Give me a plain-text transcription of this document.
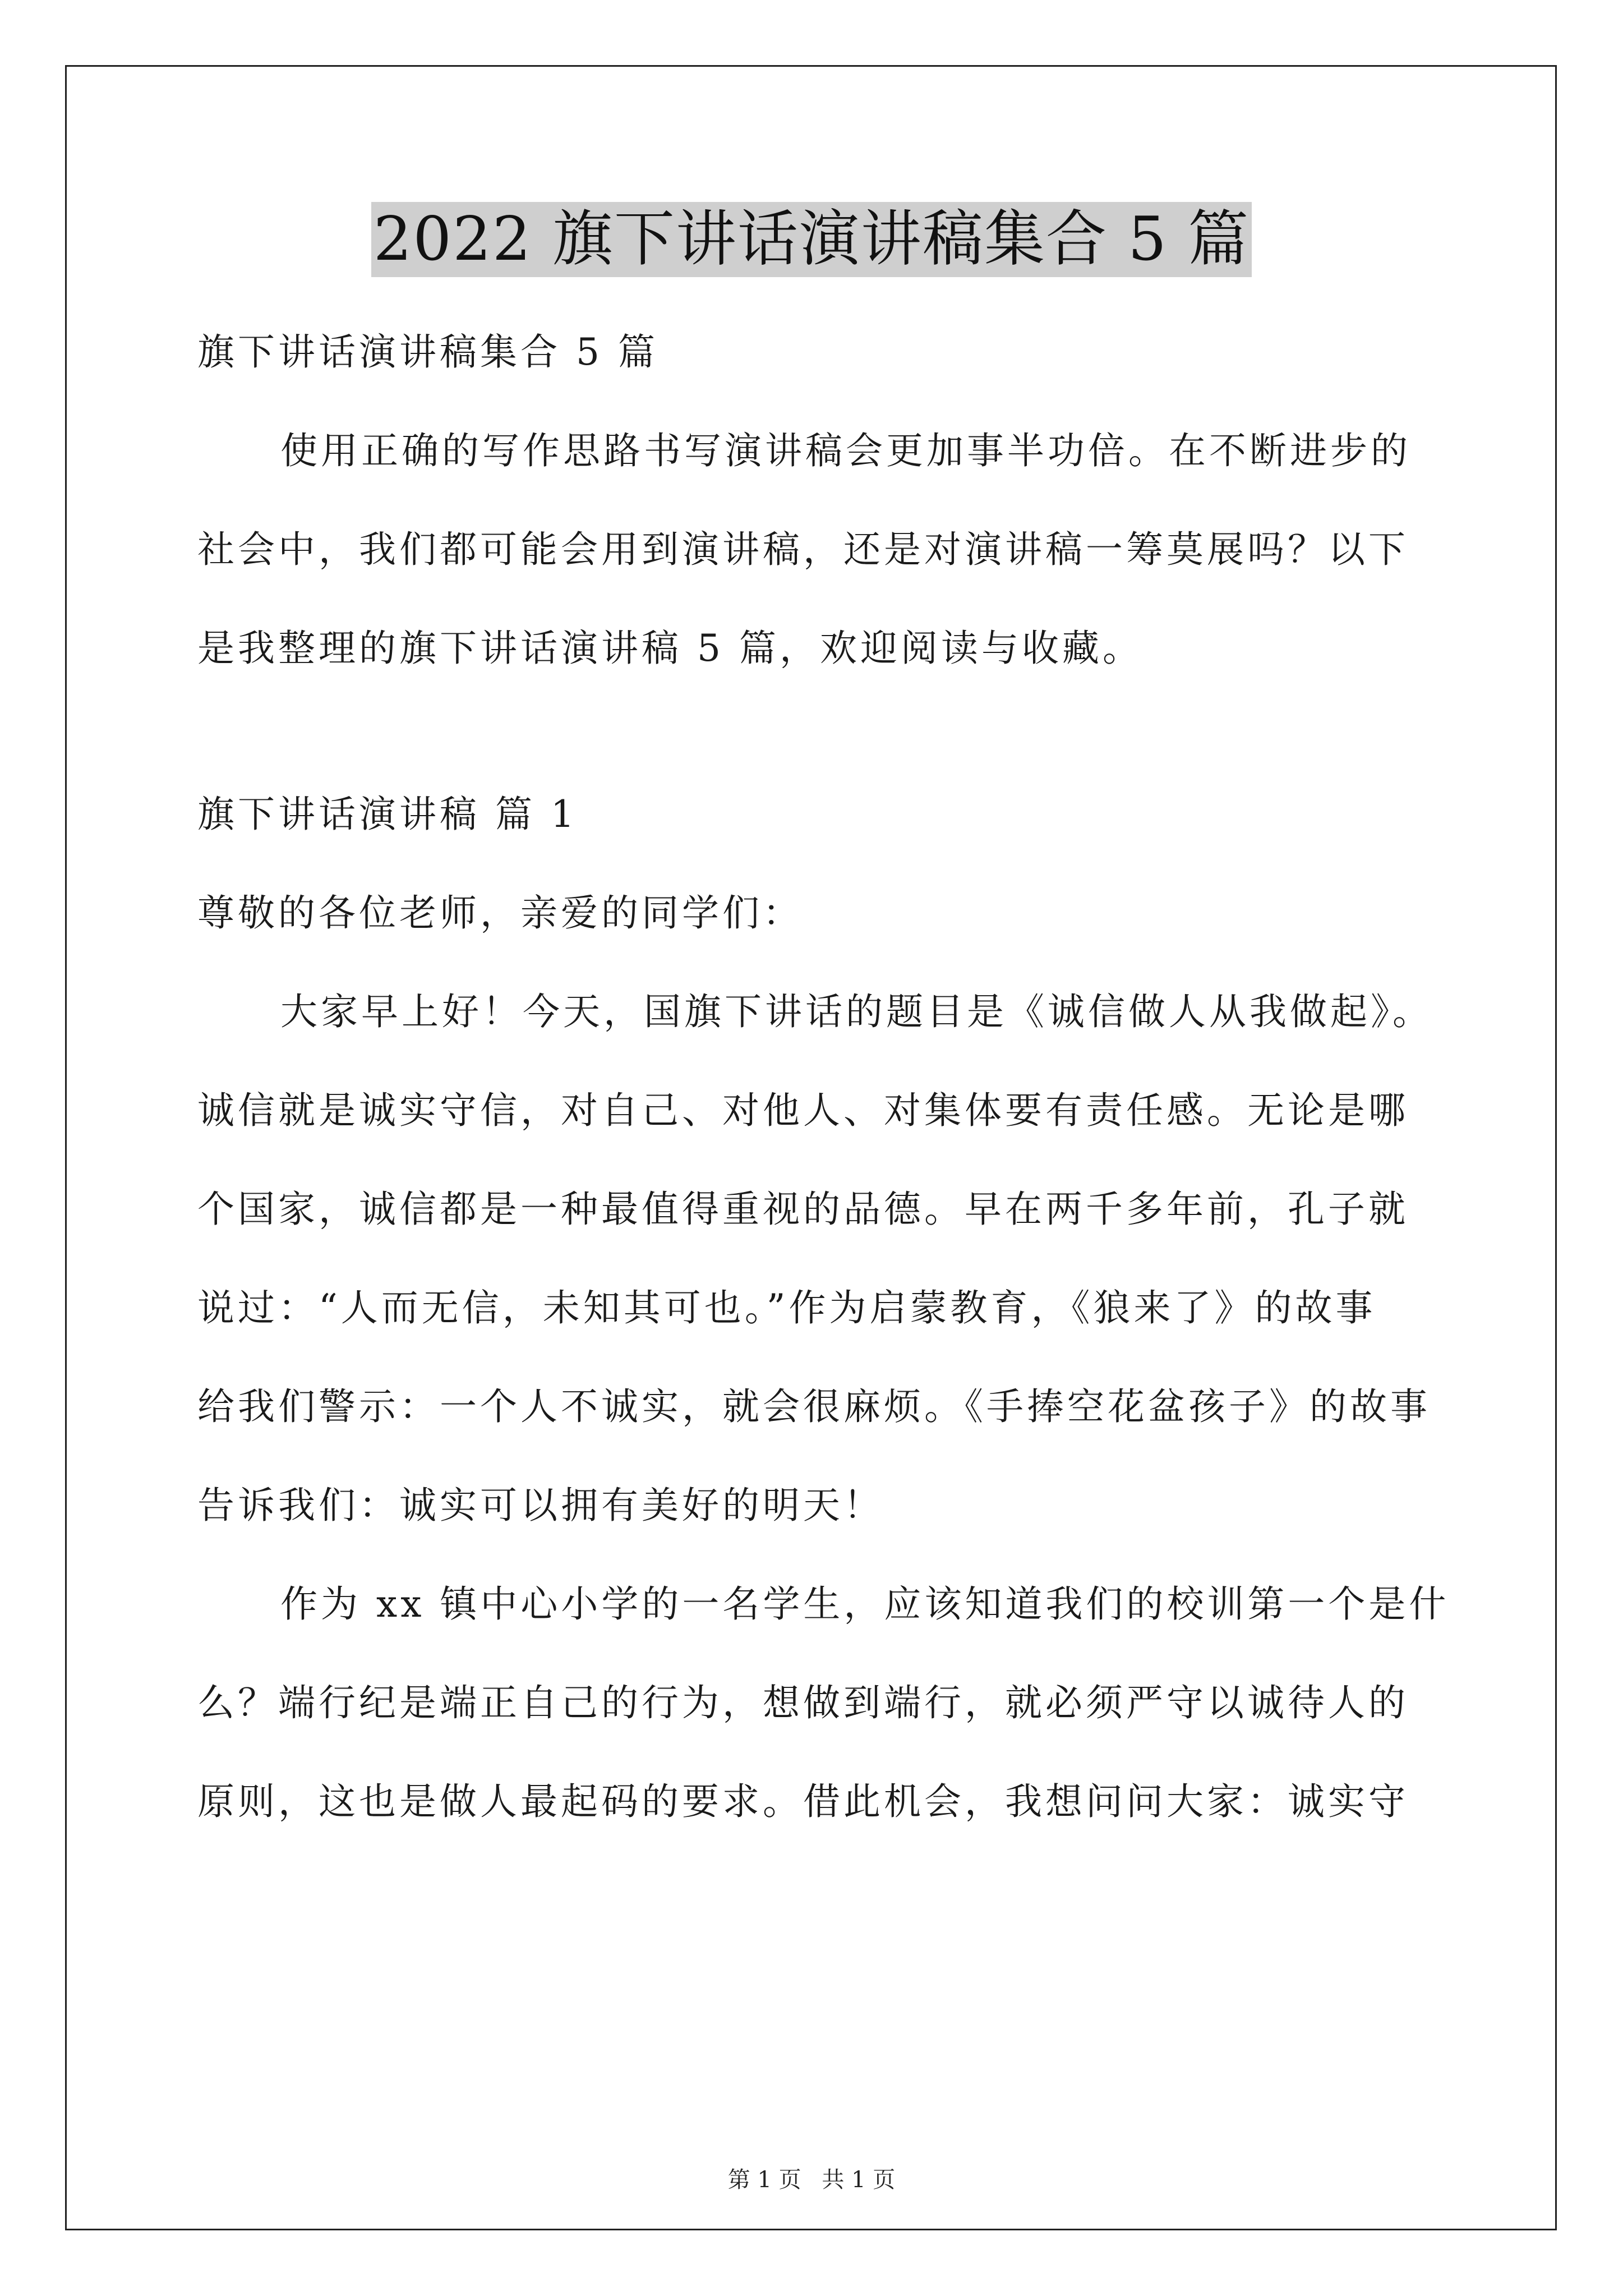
2022 旗下讲话演讲稿集合 5 篇
旗下讲话演讲稿集合 5 篇
使用正确的写作思路书写演讲稿会更加事半功倍。在不断进步的
社会中，我们都可能会用到演讲稿，还是对演讲稿一筹莫展吗？以下
是我整理的旗下讲话演讲稿 5 篇，欢迎阅读与收藏。
旗下讲话演讲稿 篇 1
尊敬的各位老师，亲爱的同学们：
大家早上好！今天，国旗下讲话的题目是《诚信做人从我做起》。
诚信就是诚实守信，对自己、对他人、对集体要有责任感。无论是哪
个国家，诚信都是一种最值得重视的品德。早在两千多年前，孔子就
说过：“人而无信，未知其可也。”作为启蒙教育，《狼来了》的故事
给我们警示：一个人不诚实，就会很麻烦。《手捧空花盆孩子》的故事
告诉我们：诚实可以拥有美好的明天！
作为 xx 镇中心小学的一名学生，应该知道我们的校训第一个是什
么？端行纪是端正自己的行为，想做到端行，就必须严守以诚待人的
原则，这也是做人最起码的要求。借此机会，我想问问大家：诚实守
第 1 页 共 1 页
